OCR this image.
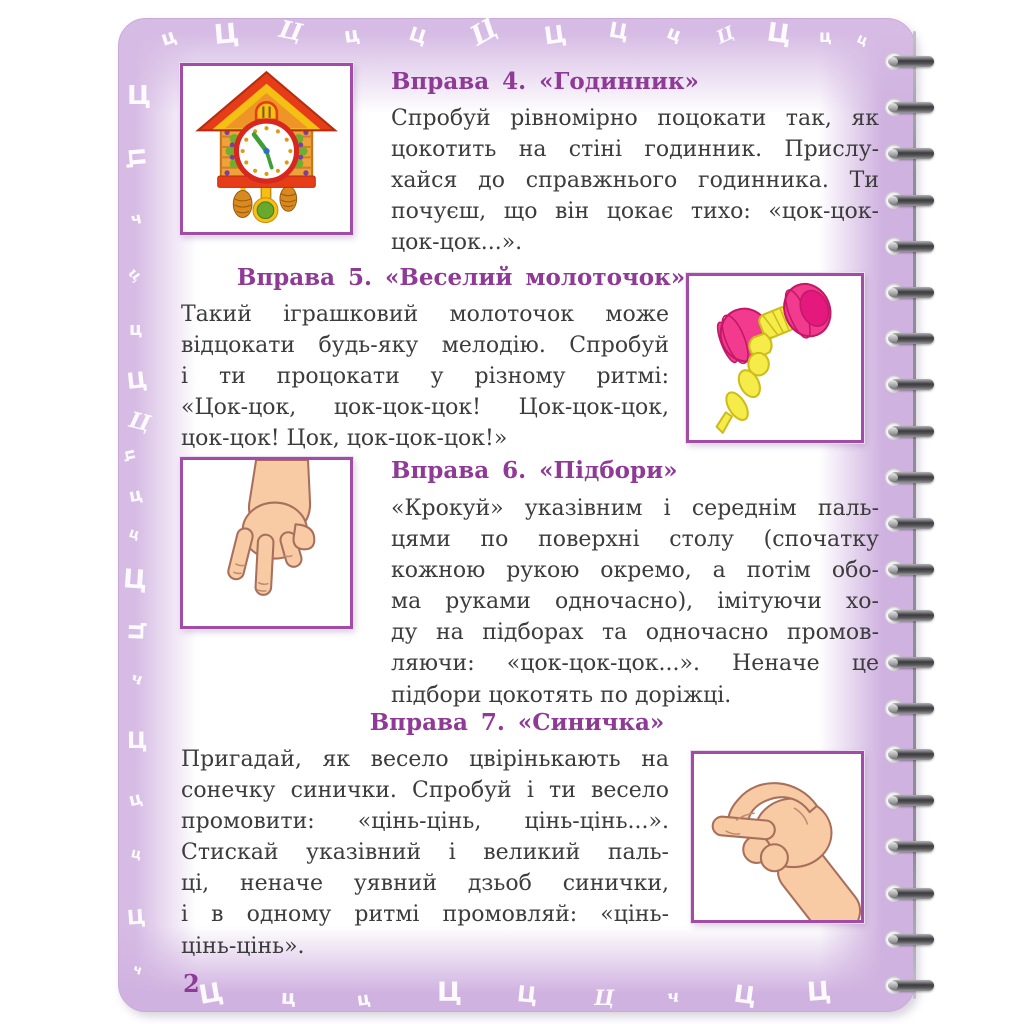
Вправа 4. «Годинник»
Спробуй рівномірно поцокати так, як
цокотить на стіні годинник. Прислу-
хайся до справжнього годинника. Ти
почуєш, що він цокає тихо: «цок-цок-
цок-цок...».
Вправа 5. «Веселий молоточок»
Такий іграшковий молоточок може
відцокати будь-яку мелодію. Спробуй
і ти процокати у різному ритмі:
«Цок-цок, цок-цок-цок! Цок-цок-цок,
цок-цок! Цок, цок-цок-цок!»
Вправа 6. «Підбори»
«Крокуй» указівним і середнім паль-
цями по поверхні столу (спочатку
кожною рукою окремо, а потім обо-
ма руками одночасно), імітуючи хо-
ду на підборах та одночасно промов-
ляючи: «цок-цок-цок...». Неначе це
підбори цокотять по доріжці.
Вправа 7. «Синичка»
Пригадай, як весело цвірінькають на
сонечку синички. Спробуй і ти весело
промовити: «цінь-цінь, цінь-цінь...».
Стискай указівний і великий паль-
ці, неначе уявний дзьоб синички,
і в одному ритмі промовляй: «цінь-
цінь-цінь».
2
ц Ц Ц ц Ц Ц Ц Ц ц Ц Ц ц ц
Ц
Ц
ч
ц
ц
Ц
Ц
ц
ц
ц
Ц
Ц
ч
Ц
ц
ц
Ц
ч
Ц	ц	ц Ц Ц	Ц	ч Ц Ц
